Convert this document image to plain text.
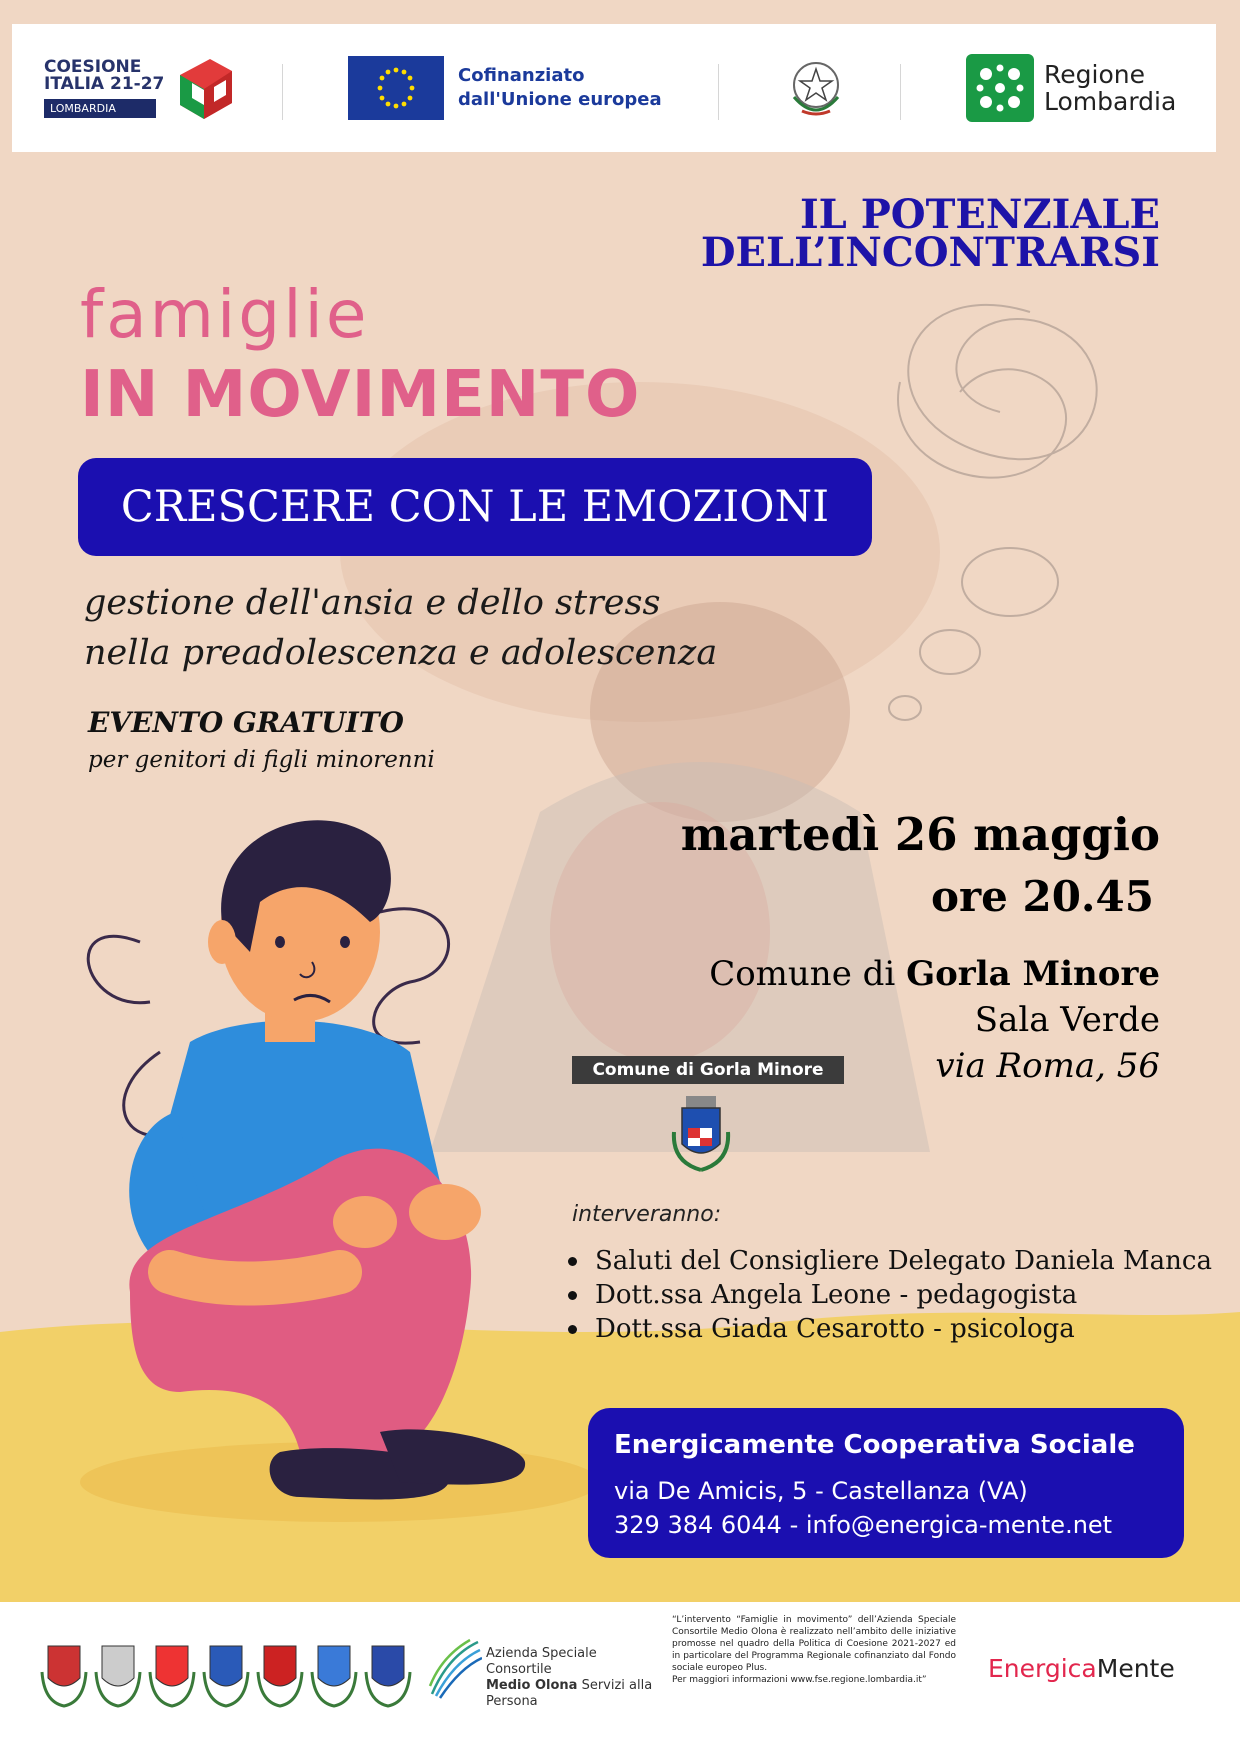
COESIONE
ITALIA 21-27
LOMBARDIA
Cofinanziato
dall'Unione europea
Regione
Lombardia
IL POTENZIALE
DELL’INCONTRARSI
famiglie
IN MOVIMENTO
CRESCERE CON LE EMOZIONI
gestione dell'ansia e dello stress
nella preadolescenza e adolescenza
EVENTO GRATUITO
per genitori di figli minorenni
martedì 26 maggio
ore 20.45
Comune di Gorla Minore
Sala Verde
via Roma, 56
Comune di Gorla Minore
interveranno:
Saluti del Consigliere Delegato Daniela Manca
Dott.ssa Angela Leone - pedagogista
Dott.ssa Giada Cesarotto - psicologa
Energicamente Cooperativa Sociale
via De Amicis, 5 - Castellanza (VA)
329 384 6044 - info@energica-mente.net
Azienda Speciale Consortile
Medio Olona Servizi alla
Persona
“L’intervento “Famiglie in movimento” dell’Azienda Speciale Consortile Medio Olona è realizzato nell’ambito delle iniziative promosse nel quadro della Politica di Coesione 2021-2027 ed in particolare del Programma Regionale cofinanziato dal Fondo sociale europeo Plus.
Per maggiori informazioni www.fse.regione.lombardia.it”	EnergicaMente
